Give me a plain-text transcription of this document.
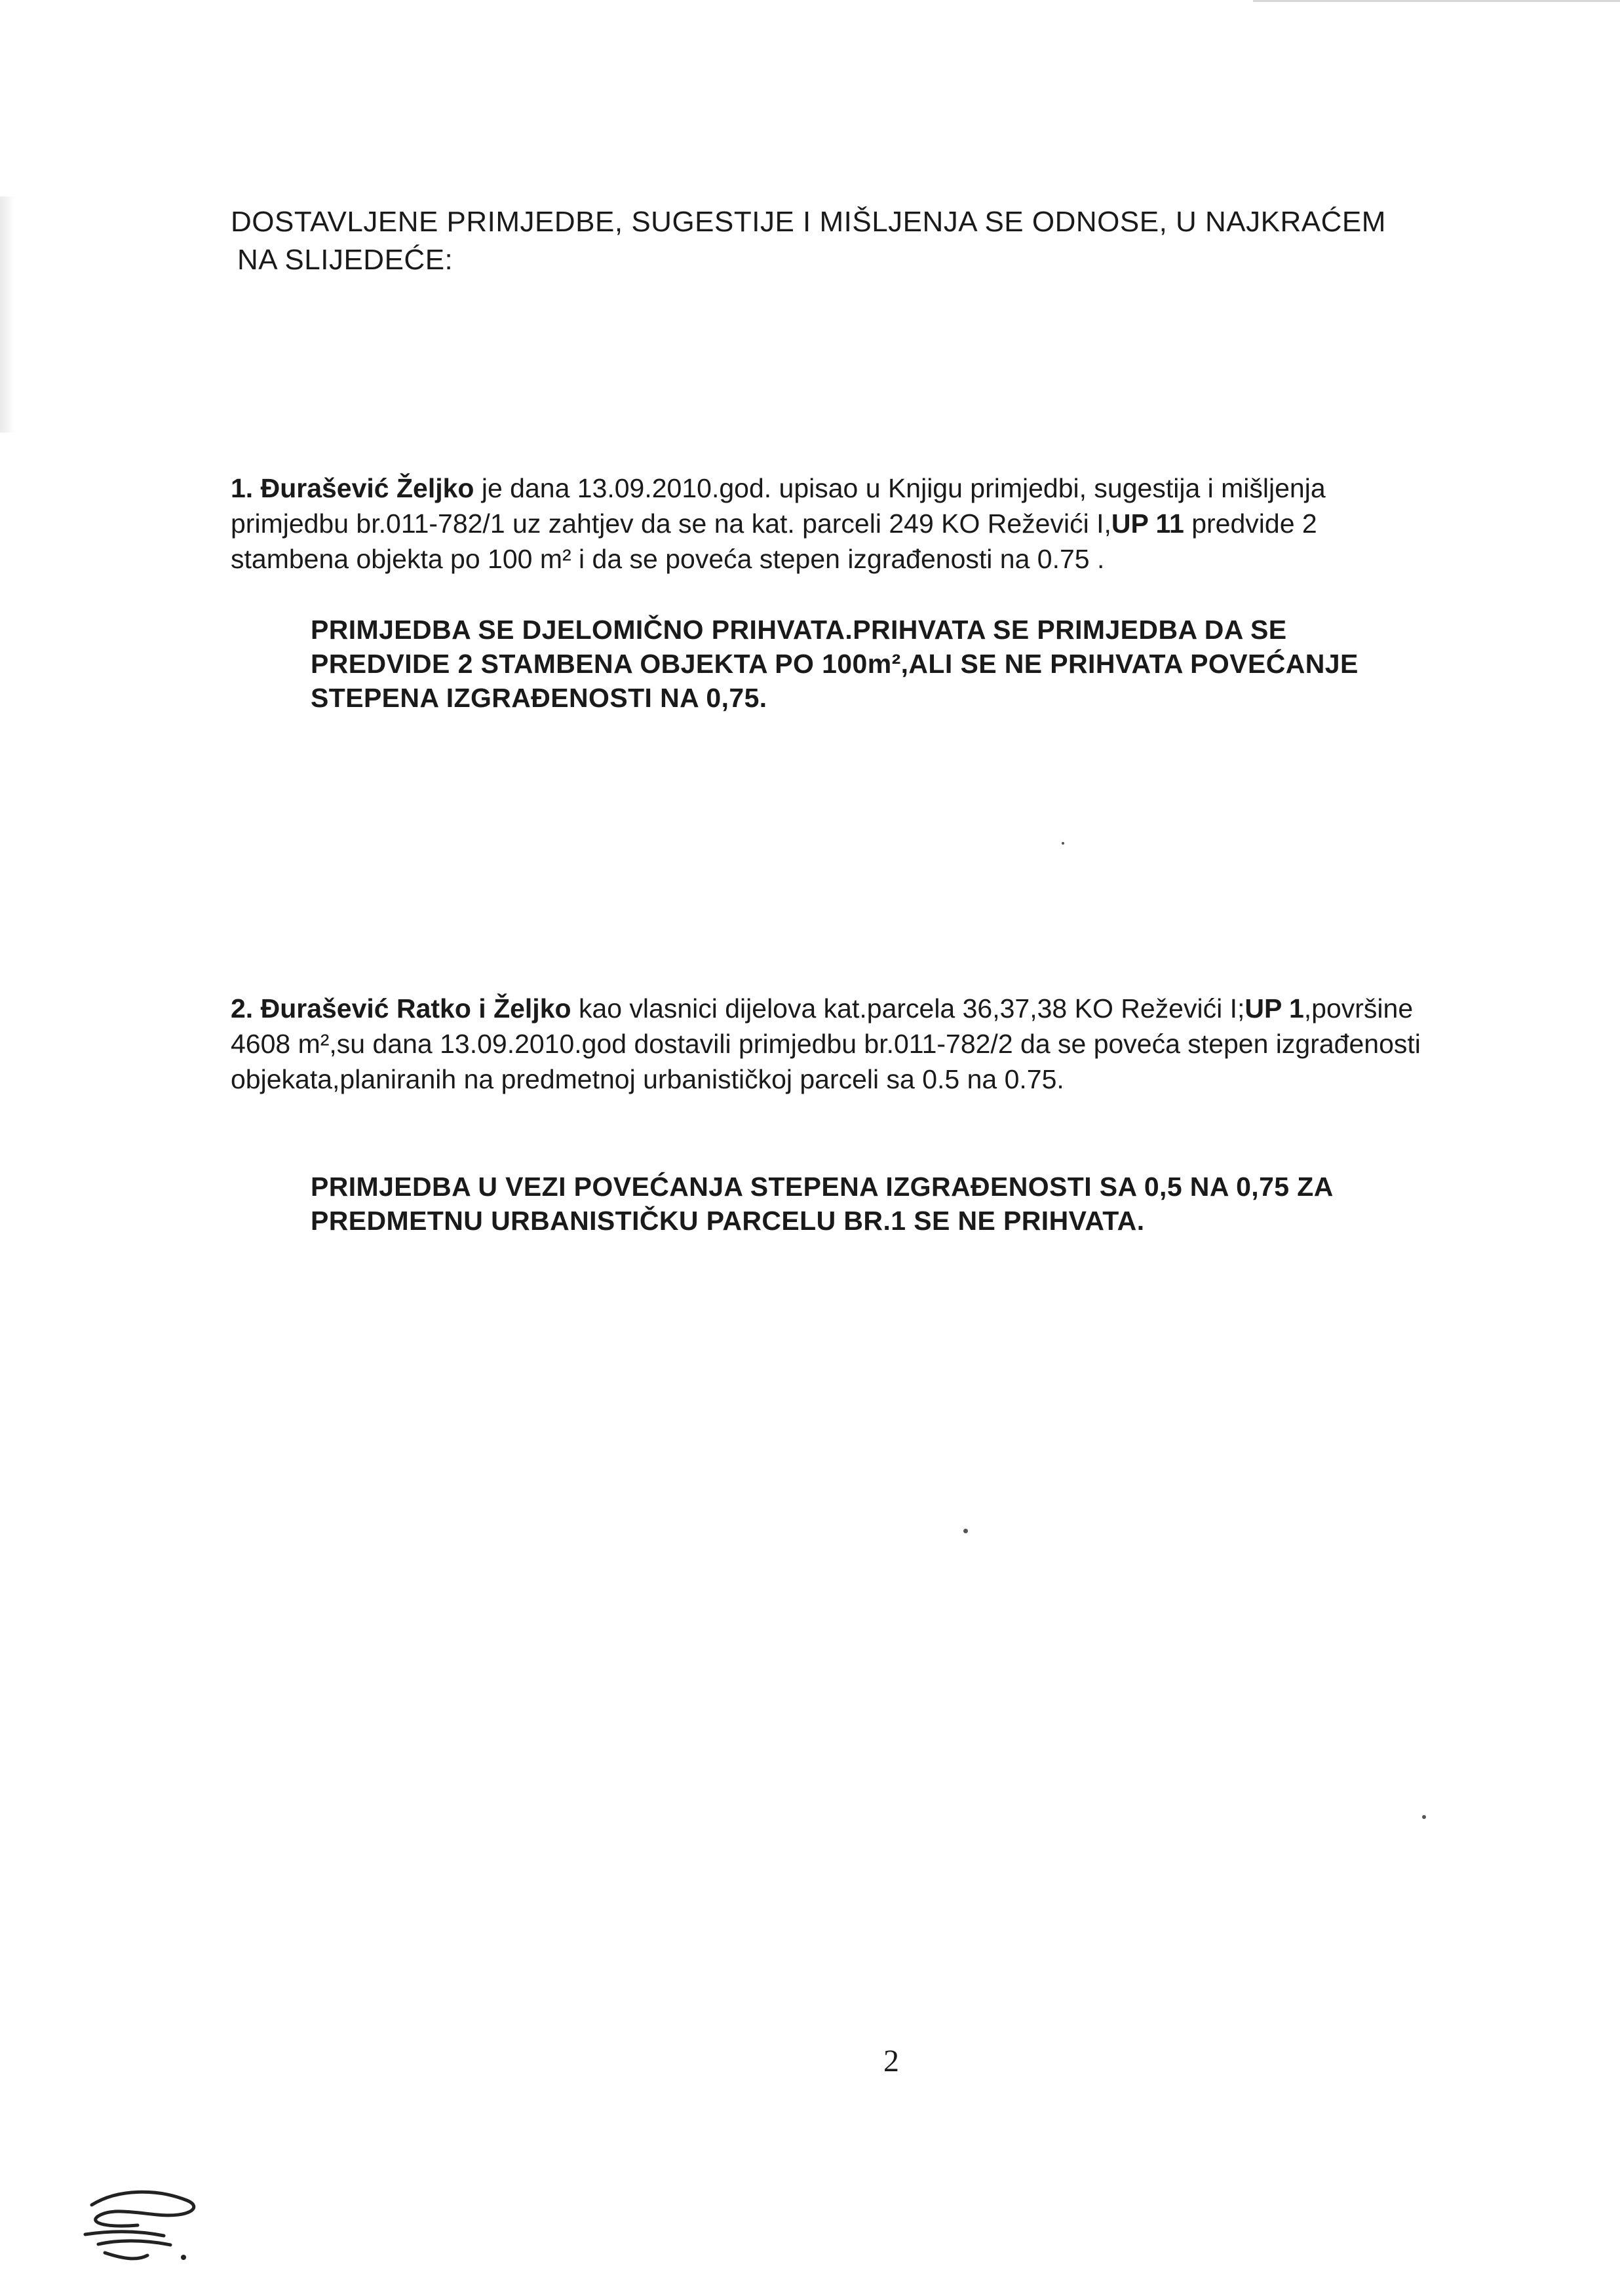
DOSTAVLJENE PRIMJEDBE, SUGESTIJE I MIŠLJENJA SE ODNOSE, U NAJKRAĆEM
NA SLIJEDEĆE:
1. Đurašević Željko je dana 13.09.2010.god. upisao u Knjigu primjedbi, sugestija i mišljenja
primjedbu br.011-782/1 uz zahtjev da se na kat. parceli 249 KO Reževići I,UP 11 predvide 2
stambena objekta po 100 m² i da se poveća stepen izgrađenosti na 0.75 .
PRIMJEDBA SE DJELOMIČNO PRIHVATA.PRIHVATA SE PRIMJEDBA DA SE
PREDVIDE 2 STAMBENA OBJEKTA PO 100m²,ALI SE NE PRIHVATA POVEĆANJE
STEPENA IZGRAĐENOSTI NA 0,75.
2. Đurašević Ratko i Željko kao vlasnici dijelova kat.parcela 36,37,38 KO Reževići I;UP 1,površine
4608 m²,su dana 13.09.2010.god dostavili primjedbu br.011-782/2 da se poveća stepen izgrađenosti
objekata,planiranih na predmetnoj urbanističkoj parceli sa 0.5 na 0.75.
PRIMJEDBA U VEZI POVEĆANJA STEPENA IZGRAĐENOSTI SA 0,5 NA 0,75 ZA
PREDMETNU URBANISTIČKU PARCELU BR.1 SE NE PRIHVATA.
2
